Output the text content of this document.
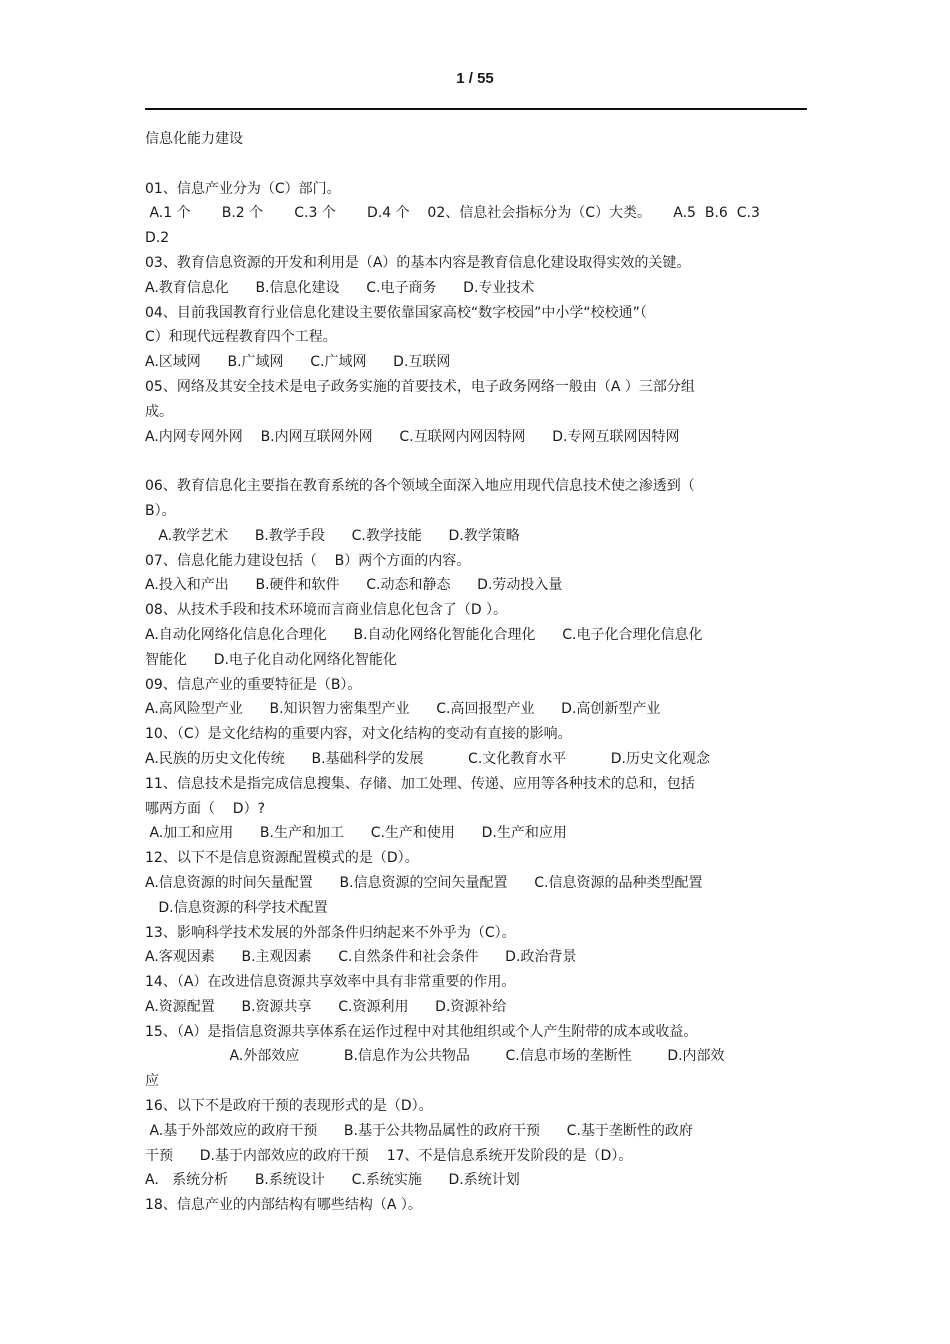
1 / 55
信息化能力建设
01、信息产业分为（C）部门。
A.1 个       B.2 个       C.3 个       D.4 个    02、信息社会指标分为（C）大类。     A.5  B.6  C.3
D.2
03、教育信息资源的开发和利用是（A）的基本内容是教育信息化建设取得实效的关键。
A.教育信息化      B.信息化建设      C.电子商务      D.专业技术
04、目前我国教育行业信息化建设主要依靠国家高校“数字校园”中小学“校校通”（
C）和现代远程教育四个工程。
A.区域网      B.广域网      C.广域网      D.互联网
05、网络及其安全技术是电子政务实施的首要技术，电子政务网络一般由（A ）三部分组
成。
A.内网专网外网    B.内网互联网外网      C.互联网内网因特网      D.专网互联网因特网
06、教育信息化主要指在教育系统的各个领域全面深入地应用现代信息技术使之渗透到（
B）。
A.教学艺术      B.教学手段      C.教学技能      D.教学策略
07、信息化能力建设包括（    B）两个方面的内容。
A.投入和产出      B.硬件和软件      C.动态和静态      D.劳动投入量
08、从技术手段和技术环境而言商业信息化包含了（D ）。
A.自动化网络化信息化合理化      B.自动化网络化智能化合理化      C.电子化合理化信息化
智能化      D.电子化自动化网络化智能化
09、信息产业的重要特征是（B）。
A.高风险型产业      B.知识智力密集型产业      C.高回报型产业      D.高创新型产业
10、（C）是文化结构的重要内容，对文化结构的变动有直接的影响。
A.民族的历史文化传统      B.基础科学的发展          C.文化教育水平          D.历史文化观念
11、信息技术是指完成信息搜集、存储、加工处理、传递、应用等各种技术的总和，包括
哪两方面（    D）?
A.加工和应用      B.生产和加工      C.生产和使用      D.生产和应用
12、以下不是信息资源配置模式的是（D）。
A.信息资源的时间矢量配置      B.信息资源的空间矢量配置      C.信息资源的品种类型配置
D.信息资源的科学技术配置
13、影响科学技术发展的外部条件归纳起来不外乎为（C）。
A.客观因素      B.主观因素      C.自然条件和社会条件      D.政治背景
14、（A）在改进信息资源共享效率中具有非常重要的作用。
A.资源配置      B.资源共享      C.资源利用      D.资源补给
15、（A）是指信息资源共享体系在运作过程中对其他组织或个人产生附带的成本或收益。
A.外部效应          B.信息作为公共物品        C.信息市场的垄断性        D.内部效
应
16、以下不是政府干预的表现形式的是（D）。
A.基于外部效应的政府干预      B.基于公共物品属性的政府干预      C.基于垄断性的政府
干预      D.基于内部效应的政府干预    17、不是信息系统开发阶段的是（D）。
A.   系统分析      B.系统设计      C.系统实施      D.系统计划
18、信息产业的内部结构有哪些结构（A ）。
